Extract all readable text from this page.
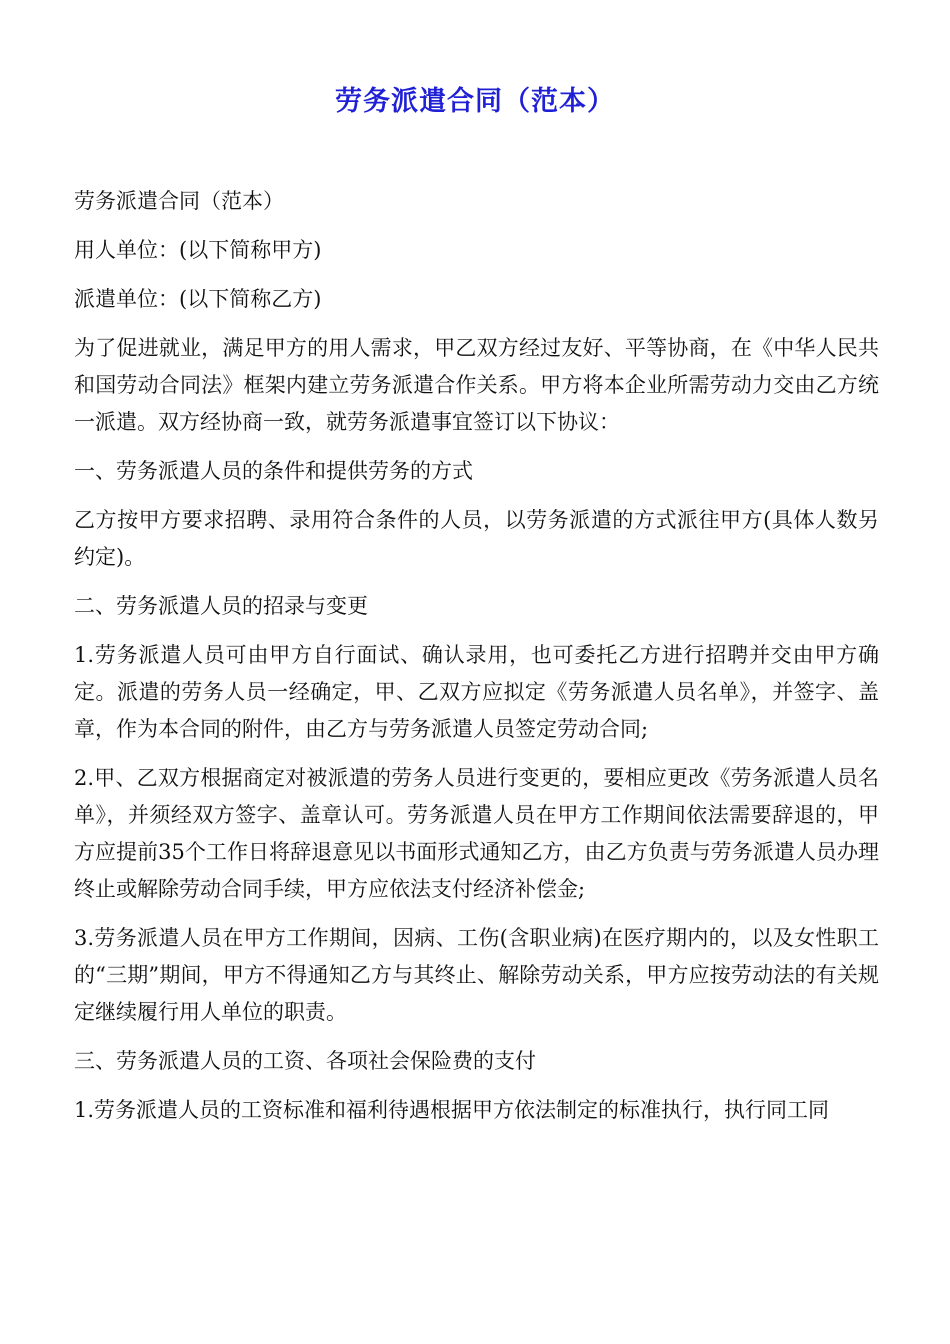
劳务派遣合同（范本）

劳务派遣合同（范本）

用人单位：(以下简称甲方)

派遣单位：(以下简称乙方)

为了促进就业，满足甲方的用人需求，甲乙双方经过友好、平等协商，在《中华人民共和国劳动合同法》框架内建立劳务派遣合作关系。甲方将本企业所需劳动力交由乙方统一派遣。双方经协商一致，就劳务派遣事宜签订以下协议：

一、劳务派遣人员的条件和提供劳务的方式

乙方按甲方要求招聘、录用符合条件的人员，以劳务派遣的方式派往甲方(具体人数另约定)。

二、劳务派遣人员的招录与变更

1.劳务派遣人员可由甲方自行面试、确认录用，也可委托乙方进行招聘并交由甲方确定。派遣的劳务人员一经确定，甲、乙双方应拟定《劳务派遣人员名单》，并签字、盖章，作为本合同的附件，由乙方与劳务派遣人员签定劳动合同;

2.甲、乙双方根据商定对被派遣的劳务人员进行变更的，要相应更改《劳务派遣人员名单》，并须经双方签字、盖章认可。劳务派遣人员在甲方工作期间依法需要辞退的，甲方应提前35个工作日将辞退意见以书面形式通知乙方，由乙方负责与劳务派遣人员办理终止或解除劳动合同手续，甲方应依法支付经济补偿金;

3.劳务派遣人员在甲方工作期间，因病、工伤(含职业病)在医疗期内的，以及女性职工的“三期”期间，甲方不得通知乙方与其终止、解除劳动关系，甲方应按劳动法的有关规定继续履行用人单位的职责。

三、劳务派遣人员的工资、各项社会保险费的支付

1.劳务派遣人员的工资标准和福利待遇根据甲方依法制定的标准执行，执行同工同
